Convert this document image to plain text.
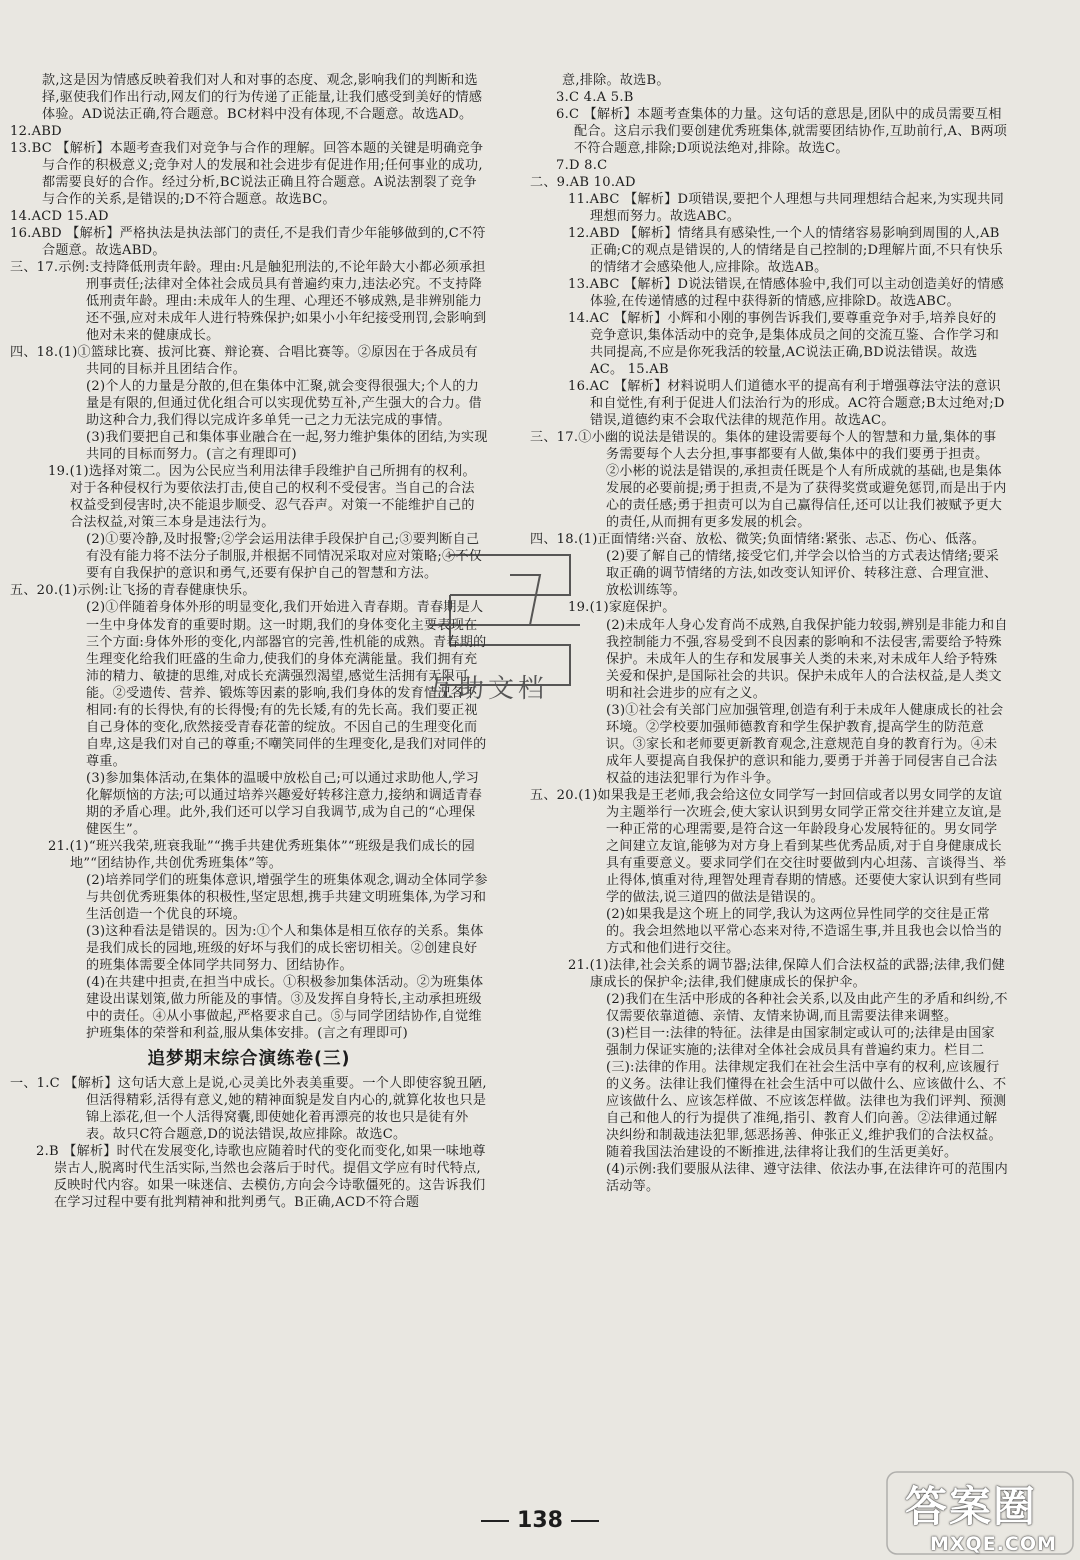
款,这是因为情感反映着我们对人和对事的态度、观念,影响我们的判断和选择,驱使我们作出行动,网友们的行为传递了正能量,让我们感受到美好的情感体验。AD说法正确,符合题意。BC材料中没有体现,不合题意。故选AD。

12.ABD

13.BC 【解析】本题考查我们对竞争与合作的理解。回答本题的关键是明确竞争与合作的积极意义;竞争对人的发展和社会进步有促进作用;任何事业的成功,都需要良好的合作。经过分析,BC说法正确且符合题意。A说法割裂了竞争与合作的关系,是错误的;D不符合题意。故选BC。

14.ACD 15.AD

16.ABD 【解析】严格执法是执法部门的责任,不是我们青少年能够做到的,C不符合题意。故选ABD。

三、17.示例:支持降低刑责年龄。理由:凡是触犯刑法的,不论年龄大小都必须承担刑事责任;法律对全体社会成员具有普遍约束力,违法必究。不支持降低刑责年龄。理由:未成年人的生理、心理还不够成熟,是非辨别能力还不强,应对未成年人进行特殊保护;如果小小年纪接受刑罚,会影响到他对未来的健康成长。

四、18.(1)①篮球比赛、拔河比赛、辩论赛、合唱比赛等。②原因在于各成员有共同的目标并且团结合作。

(2)个人的力量是分散的,但在集体中汇聚,就会变得很强大;个人的力量是有限的,但通过优化组合可以实现优势互补,产生强大的合力。借助这种合力,我们得以完成许多单凭一己之力无法完成的事情。

(3)我们要把自己和集体事业融合在一起,努力维护集体的团结,为实现共同的目标而努力。(言之有理即可)

19.(1)选择对策二。因为公民应当利用法律手段维护自己所拥有的权利。对于各种侵权行为要依法打击,使自己的权利不受侵害。当自己的合法权益受到侵害时,决不能退步顺受、忍气吞声。对策一不能维护自己的合法权益,对策三本身是违法行为。

(2)①要冷静,及时报警;②学会运用法律手段保护自己;③要判断自己有没有能力将不法分子制服,并根据不同情况采取对应对策略;④不仅要有自我保护的意识和勇气,还要有保护自己的智慧和方法。

五、20.(1)示例:让飞扬的青春健康快乐。

(2)①伴随着身体外形的明显变化,我们开始进入青春期。青春期是人一生中身体发育的重要时期。这一时期,我们的身体变化主要表现在三个方面:身体外形的变化,内部器官的完善,性机能的成熟。青春期的生理变化给我们旺盛的生命力,使我们的身体充满能量。我们拥有充沛的精力、敏捷的思维,对成长充满强烈渴望,感觉生活拥有无限可能。②受遗传、营养、锻炼等因素的影响,我们身体的发育情况各不相同:有的长得快,有的长得慢;有的先长矮,有的先长高。我们要正视自己身体的变化,欣然接受青春花蕾的绽放。不因自己的生理变化而自卑,这是我们对自己的尊重;不嘲笑同伴的生理变化,是我们对同伴的尊重。

(3)参加集体活动,在集体的温暖中放松自己;可以通过求助他人,学习化解烦恼的方法;可以通过培养兴趣爱好转移注意力,接纳和调适青春期的矛盾心理。此外,我们还可以学习自我调节,成为自己的“心理保健医生”。

21.(1)“班兴我荣,班衰我耻”“携手共建优秀班集体”“班级是我们成长的园地”“团结协作,共创优秀班集体”等。

(2)培养同学们的班集体意识,增强学生的班集体观念,调动全体同学参与共创优秀班集体的积极性,坚定思想,携手共建文明班集体,为学习和生活创造一个优良的环境。

(3)这种看法是错误的。因为:①个人和集体是相互依存的关系。集体是我们成长的园地,班级的好坏与我们的成长密切相关。②创建良好的班集体需要全体同学共同努力、团结协作。

(4)在共建中担责,在担当中成长。①积极参加集体活动。②为班集体建设出谋划策,做力所能及的事情。③及发挥自身特长,主动承担班级中的责任。④从小事做起,严格要求自己。⑤与同学团结协作,自觉维护班集体的荣誉和利益,服从集体安排。(言之有理即可)

追梦期末综合演练卷(三)

一、1.C 【解析】这句话大意上是说,心灵美比外表美重要。一个人即使容貌丑陋,但活得精彩,活得有意义,她的精神面貌是发自内心的,就算化妆也只是锦上添花,但一个人活得窝囊,即使她化着再漂亮的妆也只是徒有外表。故只C符合题意,D的说法错误,故应排除。故选C。

2.B 【解析】时代在发展变化,诗歌也应随着时代的变化而变化,如果一味地尊崇古人,脱离时代生活实际,当然也会落后于时代。提倡文学应有时代特点,反映时代内容。如果一味迷信、去模仿,方向会今诗歌僵死的。这告诉我们在学习过程中要有批判精神和批判勇气。B正确,ACD不符合题

意,排除。故选B。

3.C 4.A 5.B

6.C 【解析】本题考查集体的力量。这句话的意思是,团队中的成员需要互相配合。这启示我们要创建优秀班集体,就需要团结协作,互助前行,A、B两项不符合题意,排除;D项说法绝对,排除。故选C。

7.D 8.C

二、9.AB 10.AD

11.ABC 【解析】D项错误,要把个人理想与共同理想结合起来,为实现共同理想而努力。故选ABC。

12.ABD 【解析】情绪具有感染性,一个人的情绪容易影响到周围的人,AB正确;C的观点是错误的,人的情绪是自己控制的;D理解片面,不只有快乐的情绪才会感染他人,应排除。故选AB。

13.ABC 【解析】D说法错误,在情感体验中,我们可以主动创造美好的情感体验,在传递情感的过程中获得新的情感,应排除D。故选ABC。

14.AC 【解析】小辉和小刚的事例告诉我们,要尊重竞争对手,培养良好的竞争意识,集体活动中的竞争,是集体成员之间的交流互鉴、合作学习和共同提高,不应是你死我活的较量,AC说法正确,BD说法错误。故选AC。 15.AB

16.AC 【解析】材料说明人们道德水平的提高有利于增强尊法守法的意识和自觉性,有利于促进人们法治行为的形成。AC符合题意;B太过绝对;D错误,道德约束不会取代法律的规范作用。故选AC。

三、17.①小幽的说法是错误的。集体的建设需要每个人的智慧和力量,集体的事务需要每个人去分担,事事都要有人做,集体中的我们要勇于担责。

②小彬的说法是错误的,承担责任既是个人有所成就的基础,也是集体发展的必要前提;勇于担责,不是为了获得奖赏或避免惩罚,而是出于内心的责任感;勇于担责可以为自己赢得信任,还可以让我们被赋予更大的责任,从而拥有更多发展的机会。

四、18.(1)正面情绪:兴奋、放松、微笑;负面情绪:紧张、忐忑、伤心、低落。

(2)要了解自己的情绪,接受它们,并学会以恰当的方式表达情绪;要采取正确的调节情绪的方法,如改变认知评价、转移注意、合理宣泄、放松训练等。

19.(1)家庭保护。

(2)未成年人身心发育尚不成熟,自我保护能力较弱,辨别是非能力和自我控制能力不强,容易受到不良因素的影响和不法侵害,需要给予特殊保护。未成年人的生存和发展事关人类的未来,对未成年人给予特殊关爱和保护,是国际社会的共识。保护未成年人的合法权益,是人类文明和社会进步的应有之义。

(3)①社会有关部门应加强管理,创造有利于未成年人健康成长的社会环境。②学校要加强师德教育和学生保护教育,提高学生的防范意识。③家长和老师要更新教育观念,注意规范自身的教育行为。④未成年人要提高自我保护的意识和能力,要勇于并善于同侵害自己合法权益的违法犯罪行为作斗争。

五、20.(1)如果我是王老师,我会给这位女同学写一封回信或者以男女同学的友谊为主题举行一次班会,使大家认识到男女同学正常交往并建立友谊,是一种正常的心理需要,是符合这一年龄段身心发展特征的。男女同学之间建立友谊,能够为对方身上看到某些优秀品质,对于自身健康成长具有重要意义。要求同学们在交往时要做到内心坦荡、言谈得当、举止得体,慎重对待,理智处理青春期的情感。还要使大家认识到有些同学的做法,说三道四的做法是错误的。

(2)如果我是这个班上的同学,我认为这两位异性同学的交往是正常的。我会坦然地以平常心态来对待,不造谣生事,并且我也会以恰当的方式和他们进行交往。

21.(1)法律,社会关系的调节器;法律,保障人们合法权益的武器;法律,我们健康成长的保护伞;法律,我们健康成长的保护伞。

(2)我们在生活中形成的各种社会关系,以及由此产生的矛盾和纠纷,不仅需要依靠道德、亲情、友情来协调,而且需要法律来调整。

(3)栏目一:法律的特征。法律是由国家制定或认可的;法律是由国家强制力保证实施的;法律对全体社会成员具有普遍约束力。栏目二(三):法律的作用。法律规定我们在社会生活中享有的权利,应该履行的义务。法律让我们懂得在社会生活中可以做什么、应该做什么、不应该做什么、应该怎样做、不应该怎样做。法律也为我们评判、预测自己和他人的行为提供了准绳,指引、教育人们向善。②法律通过解决纠纷和制裁违法犯罪,惩恶扬善、伸张正义,维护我们的合法权益。随着我国法治建设的不断推进,法律将让我们的生活更美好。

(4)示例:我们要服从法律、遵守法律、依法办事,在法律许可的范围内活动等。

互助文档
答案圈
MXQE.COM
138
